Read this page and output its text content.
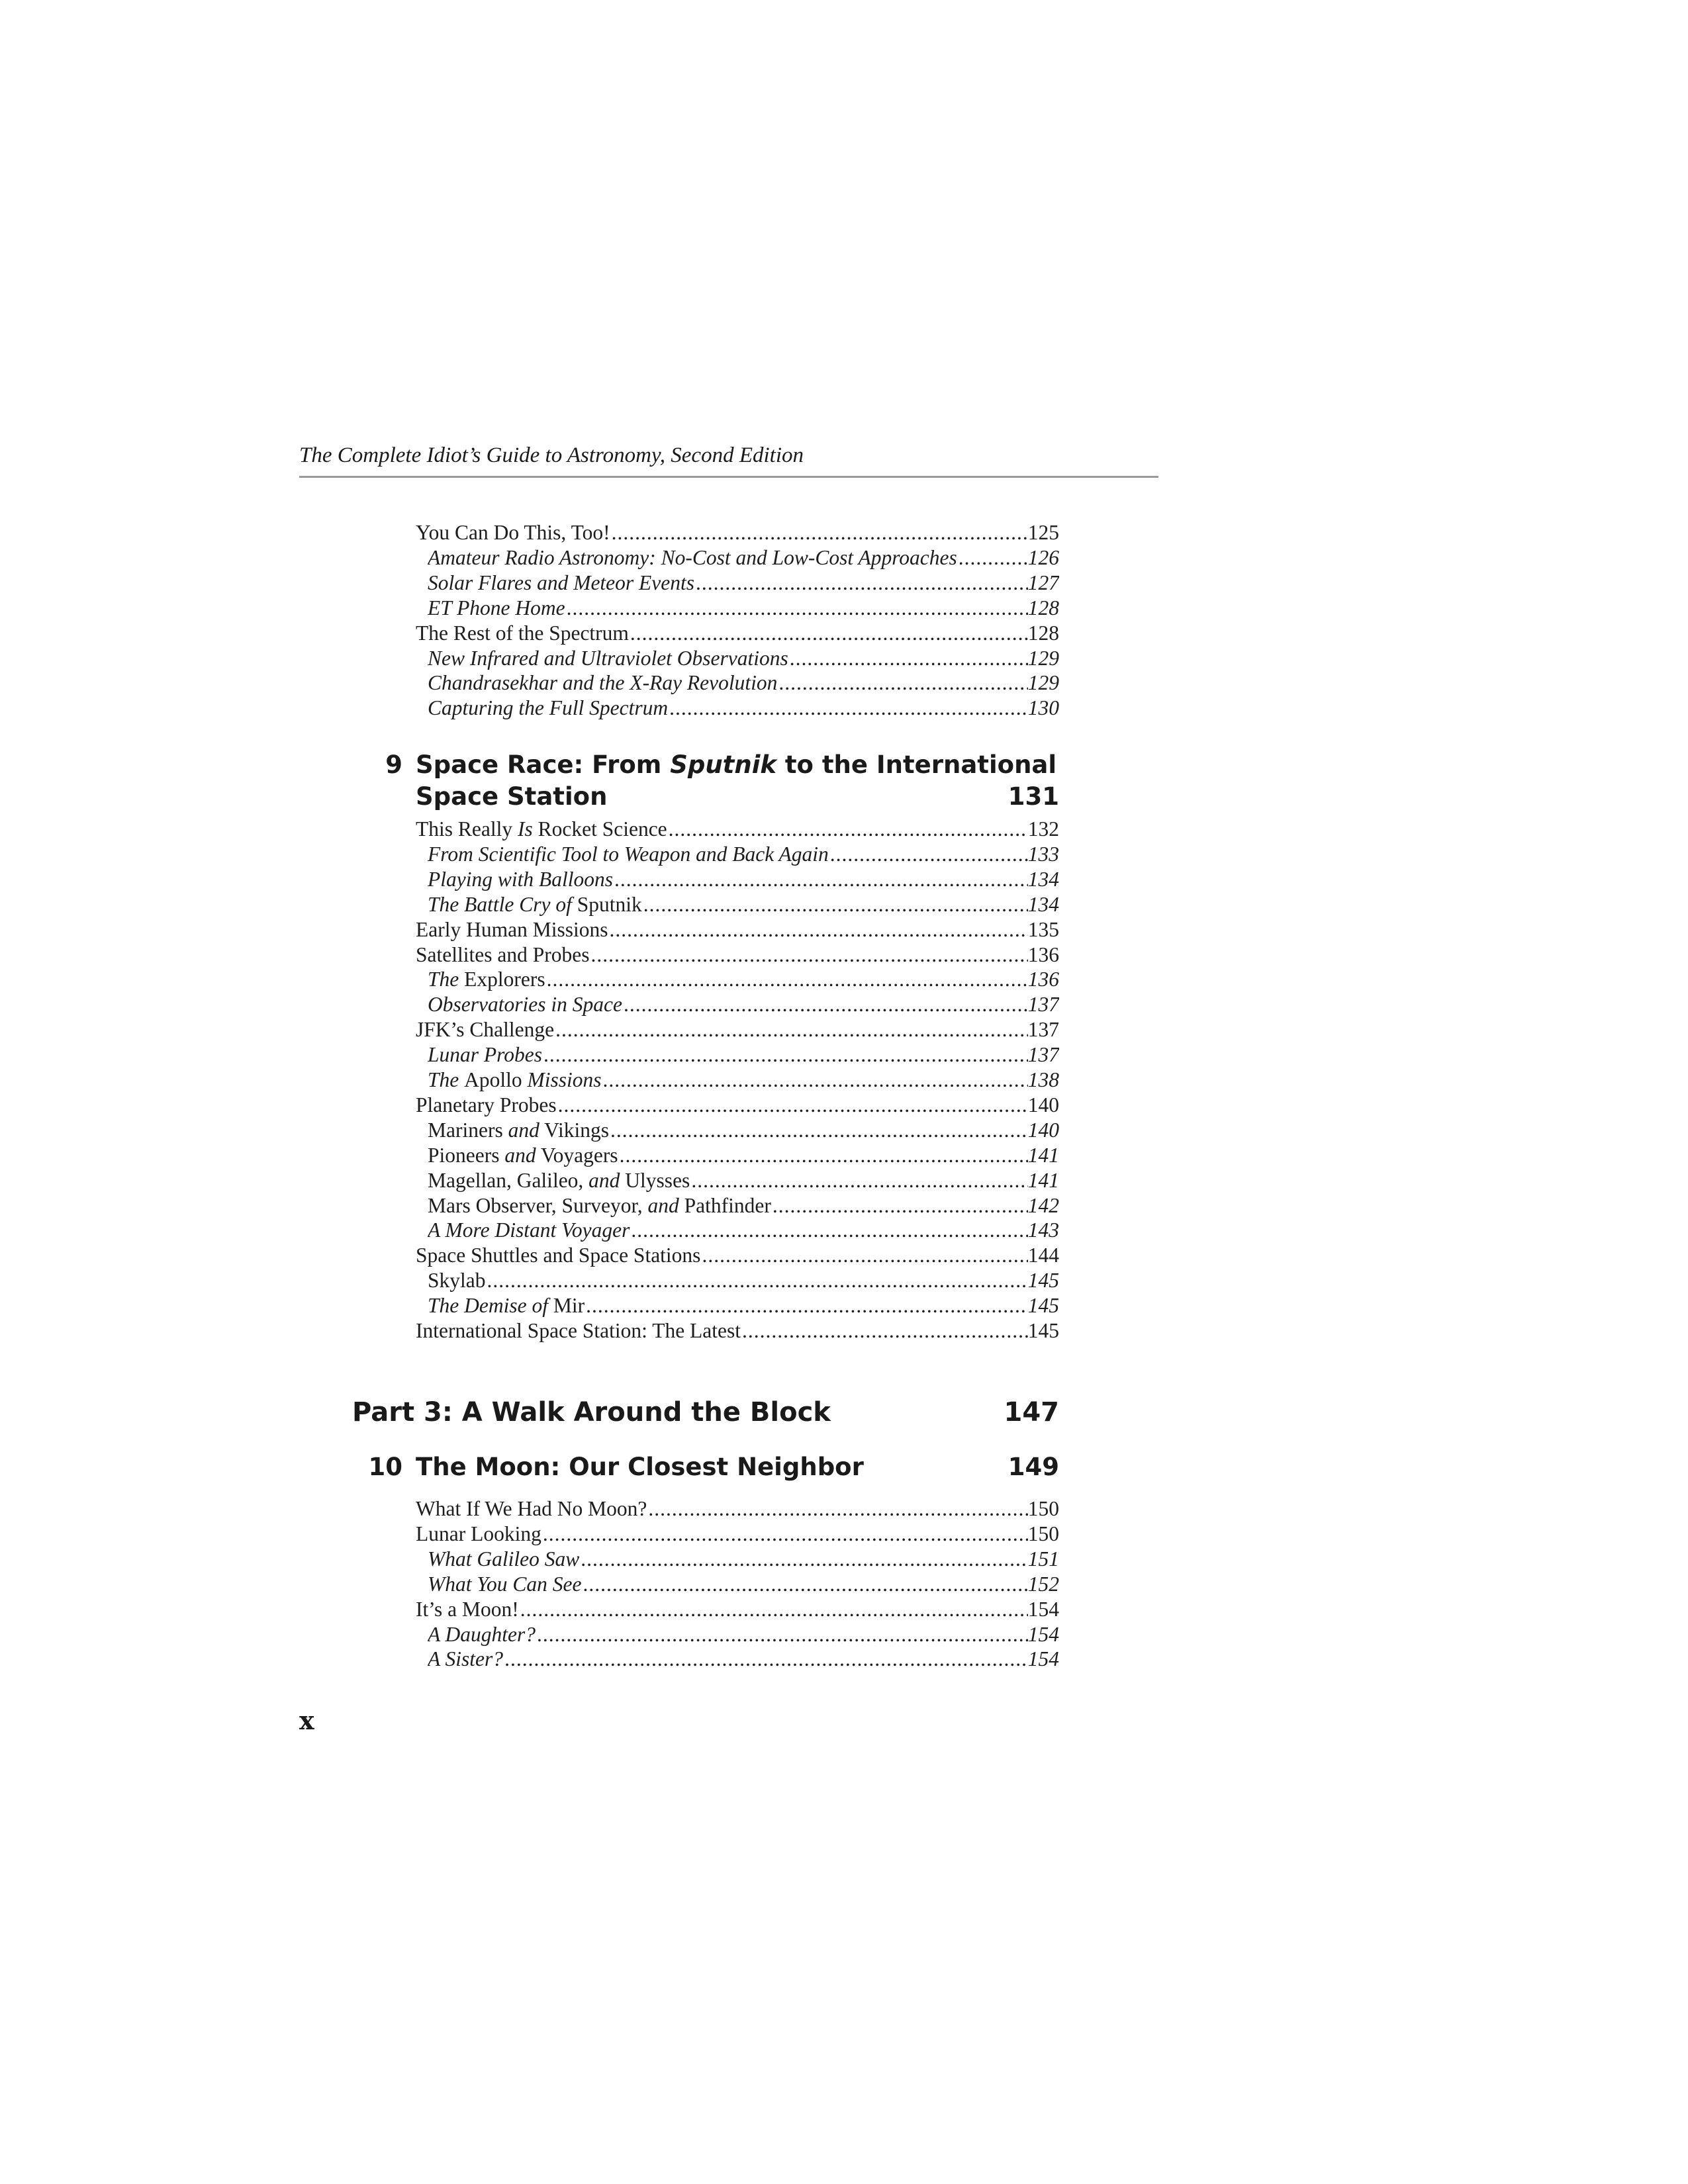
The Complete Idiot’s Guide to Astronomy, Second Edition
You Can Do This, Too! .....	125
Amateur Radio Astronomy: No-Cost and Low-Cost Approaches .....	126
Solar Flares and Meteor Events .....	127
ET Phone Home .....	128
The Rest of the Spectrum .....	128
New Infrared and Ultraviolet Observations .....	129
Chandrasekhar and the X-Ray Revolution .....	129
Capturing the Full Spectrum .....	130
9 Space Race: From Sputnik to the International
Space Station	131
This Really Is Rocket Science .....	132
From Scientific Tool to Weapon and Back Again .....	133
Playing with Balloons .....	134
The Battle Cry of Sputnik .....	134
Early Human Missions .....	135
Satellites and Probes .....	136
The Explorers .....	136
Observatories in Space .....	137
JFK’s Challenge .....	137
Lunar Probes .....	137
The Apollo Missions .....	138
Planetary Probes .....	140
Mariners and Vikings .....	140
Pioneers and Voyagers .....	141
Magellan, Galileo, and Ulysses .....	141
Mars Observer, Surveyor, and Pathfinder .....	142
A More Distant Voyager .....	143
Space Shuttles and Space Stations .....	144
Skylab .....	145
The Demise of Mir .....	145
International Space Station: The Latest .....	145
Part 3: A Walk Around the Block	147
10 The Moon: Our Closest Neighbor	149
What If We Had No Moon? .....	150
Lunar Looking .....	150
What Galileo Saw .....	151
What You Can See .....	152
It’s a Moon! .....	154
A Daughter? .....	154
A Sister? .....	154
x
